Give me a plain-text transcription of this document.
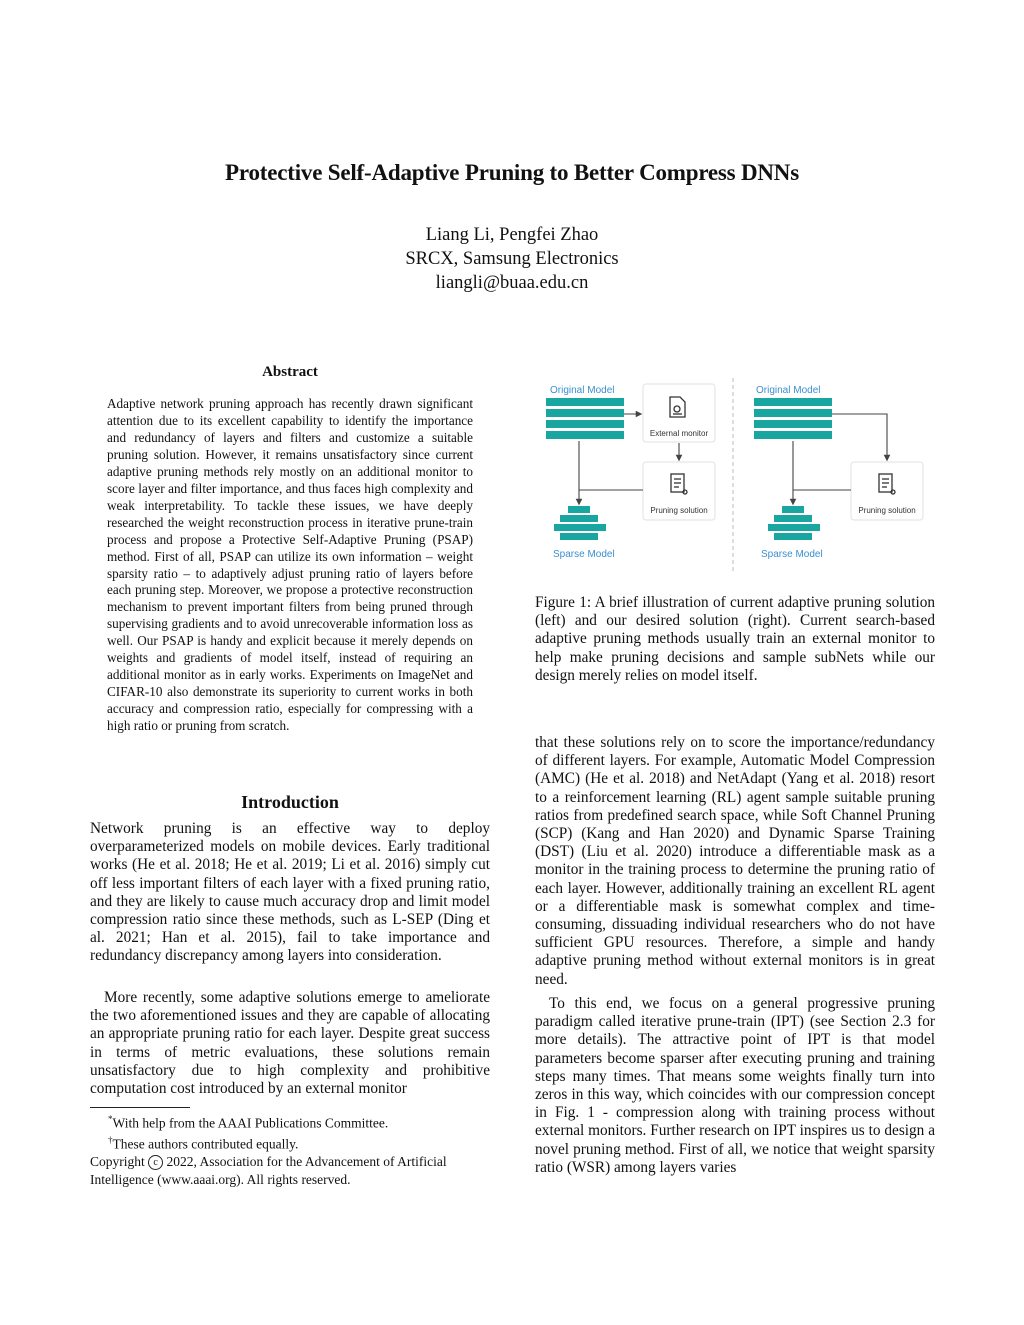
Protective Self-Adaptive Pruning to Better Compress DNNs
Liang Li, Pengfei Zhao
SRCX, Samsung Electronics
liangli@buaa.edu.cn
Abstract
Adaptive network pruning approach has recently drawn significant attention due to its excellent capability to identify the importance and redundancy of layers and filters and customize a suitable pruning solution. However, it remains unsatisfactory since current adaptive pruning methods rely mostly on an additional monitor to score layer and filter importance, and thus faces high complexity and weak interpretability. To tackle these issues, we have deeply researched the weight reconstruction process in iterative prune-train process and propose a Protective Self-Adaptive Pruning (PSAP) method. First of all, PSAP can utilize its own information – weight sparsity ratio – to adaptively adjust pruning ratio of layers before each pruning step. Moreover, we propose a protective reconstruction mechanism to prevent important filters from being pruned through supervising gradients and to avoid unrecoverable information loss as well. Our PSAP is handy and explicit because it merely depends on weights and gradients of model itself, instead of requiring an additional monitor as in early works. Experiments on ImageNet and CIFAR-10 also demonstrate its superiority to current works in both accuracy and compression ratio, especially for compressing with a high ratio or pruning from scratch.
Introduction
Network pruning is an effective way to deploy overparameterized models on mobile devices. Early traditional works (He et al. 2018; He et al. 2019; Li et al. 2016) simply cut off less important filters of each layer with a fixed pruning ratio, and they are likely to cause much accuracy drop and limit model compression ratio since these methods, such as L-SEP (Ding et al. 2021; Han et al. 2015), fail to take importance and redundancy discrepancy among layers into consideration.
More recently, some adaptive solutions emerge to ameliorate the two aforementioned issues and they are capable of allocating an appropriate pruning ratio for each layer. Despite great success in terms of metric evaluations, these solutions remain unsatisfactory due to high complexity and prohibitive computation cost introduced by an external monitor
*With help from the AAAI Publications Committee.
†These authors contributed equally.
Copyright c 2022, Association for the Advancement of Artificial Intelligence (www.aaai.org). All rights reserved.
Original Model
External monitor
Pruning solution
Sparse Model
Original Model
Pruning solution
Sparse Model
Figure 1: A brief illustration of current adaptive pruning solution (left) and our desired solution (right). Current search-based adaptive pruning methods usually train an external monitor to help make pruning decisions and sample subNets while our design merely relies on model itself.
that these solutions rely on to score the importance/redundancy of different layers. For example, Automatic Model Compression (AMC) (He et al. 2018) and NetAdapt (Yang et al. 2018) resort to a reinforcement learning (RL) agent sample suitable pruning ratios from predefined search space, while Soft Channel Pruning (SCP) (Kang and Han 2020) and Dynamic Sparse Training (DST) (Liu et al. 2020) introduce a differentiable mask as a monitor in the training process to determine the pruning ratio of each layer. However, additionally training an excellent RL agent or a differentiable mask is somewhat complex and time-consuming, dissuading individual researchers who do not have sufficient GPU resources. Therefore, a simple and handy adaptive pruning method without external monitors is in great need.
To this end, we focus on a general progressive pruning paradigm called iterative prune-train (IPT) (see Section 2.3 for more details). The attractive point of IPT is that model parameters become sparser after executing pruning and training steps many times. That means some weights finally turn into zeros in this way, which coincides with our compression concept in Fig. 1 - compression along with training process without external monitors. Further research on IPT inspires us to design a novel pruning method. First of all, we notice that weight sparsity ratio (WSR) among layers varies
